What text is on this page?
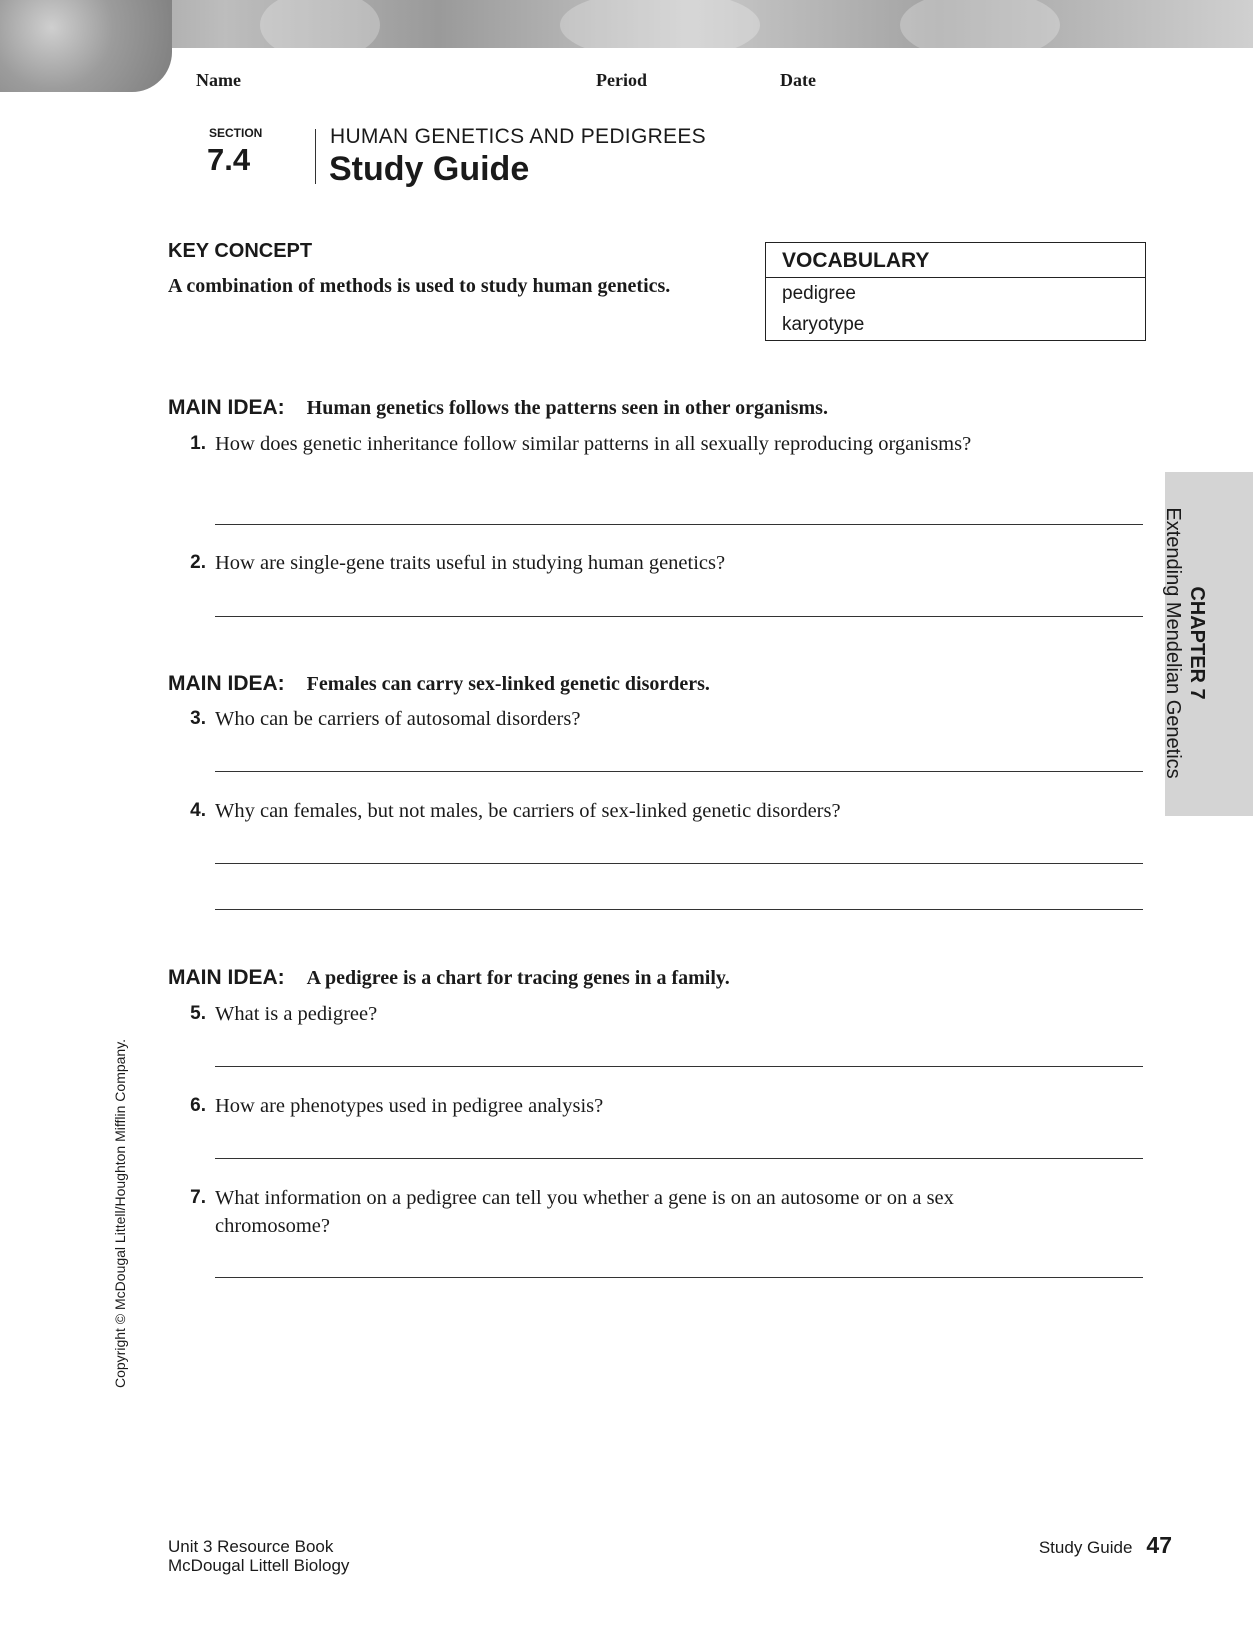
Name	Period	Date
SECTION
7.4
HUMAN GENETICS AND PEDIGREES
Study Guide
KEY CONCEPT
A combination of methods is used to study human genetics.
VOCABULARY
pedigree
karyotype
MAIN IDEA: Human genetics follows the patterns seen in other organisms.
1. How does genetic inheritance follow similar patterns in all sexually reproducing organisms?
2. How are single-gene traits useful in studying human genetics?
MAIN IDEA: Females can carry sex-linked genetic disorders.
3. Who can be carriers of autosomal disorders?
4. Why can females, but not males, be carriers of sex-linked genetic disorders?
MAIN IDEA: A pedigree is a chart for tracing genes in a family.
5. What is a pedigree?
6. How are phenotypes used in pedigree analysis?
7. What information on a pedigree can tell you whether a gene is on an autosome or on a sex chromosome?
CHAPTER 7
Extending Mendelian Genetics
Copyright © McDougal Littell/Houghton Mifflin Company.
Unit 3 Resource Book
McDougal Littell Biology
Study Guide 47
